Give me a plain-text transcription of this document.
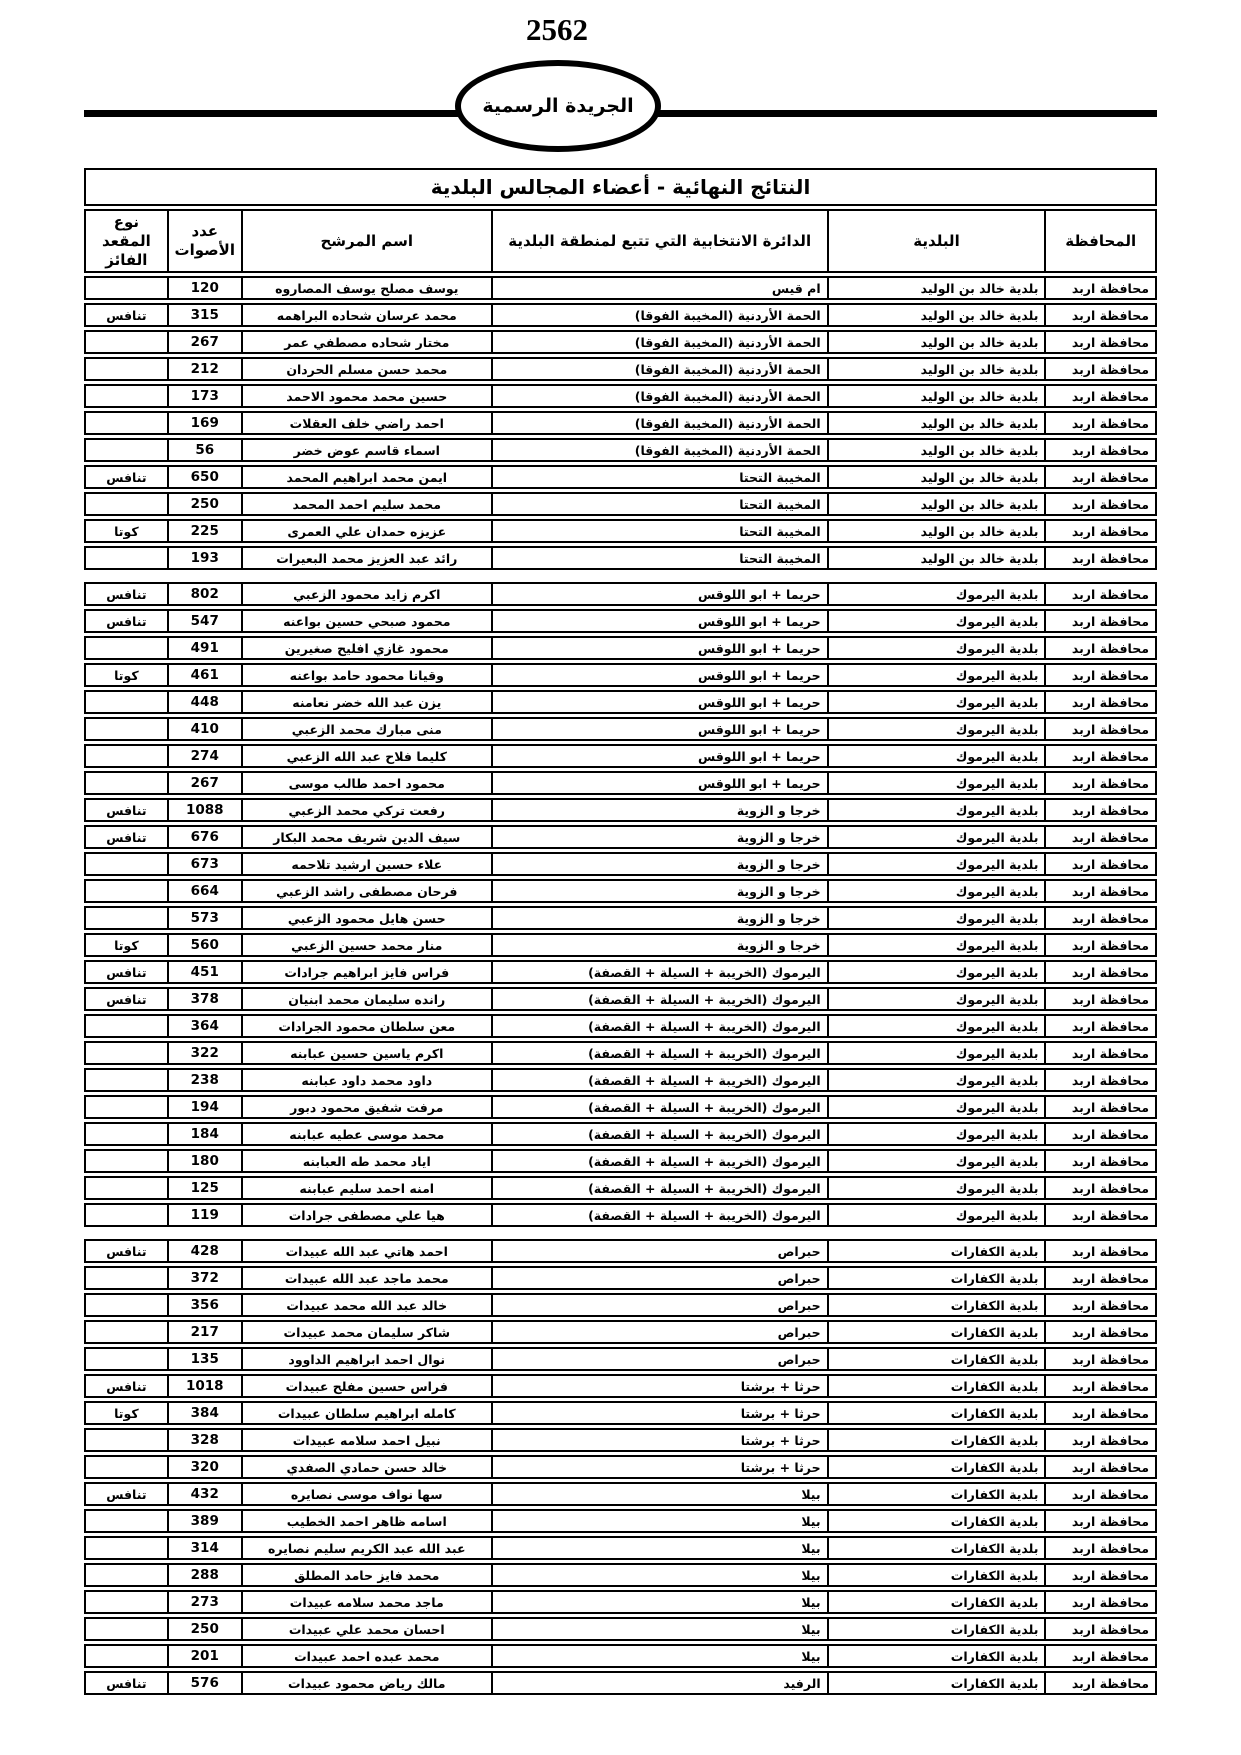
2562
الجريدة الرسمية
النتائج النهائية - أعضاء المجالس البلدية					
المحافظة	البلدية	الدائرة الانتخابية التي تتبع لمنطقة البلدية	اسم المرشح	عدد الأصوات	نوع المقعد الفائز
محافظة اربد	بلدية خالد بن الوليد	ام قيس	يوسف مصلح يوسف المصاروه	120	
محافظة اربد	بلدية خالد بن الوليد	الحمة الأردنية (المخيبة الفوقا)	محمد عرسان شحاده البراهمه	315	تنافس
محافظة اربد	بلدية خالد بن الوليد	الحمة الأردنية (المخيبة الفوقا)	مختار شحاده مصطفي عمر	267	
محافظة اربد	بلدية خالد بن الوليد	الحمة الأردنية (المخيبة الفوقا)	محمد حسن مسلم الحردان	212	
محافظة اربد	بلدية خالد بن الوليد	الحمة الأردنية (المخيبة الفوقا)	حسين محمد محمود الاحمد	173	
محافظة اربد	بلدية خالد بن الوليد	الحمة الأردنية (المخيبة الفوقا)	احمد راضي خلف العقلات	169	
محافظة اربد	بلدية خالد بن الوليد	الحمة الأردنية (المخيبة الفوقا)	اسماء قاسم عوض خضر	56	
محافظة اربد	بلدية خالد بن الوليد	المخيبة التحتا	ايمن محمد ابراهيم المحمد	650	تنافس
محافظة اربد	بلدية خالد بن الوليد	المخيبة التحتا	محمد سليم احمد المحمد	250	
محافظة اربد	بلدية خالد بن الوليد	المخيبة التحتا	عزيزه حمدان علي العمرى	225	كوتا
محافظة اربد	بلدية خالد بن الوليد	المخيبة التحتا	رائد عبد العزيز محمد البعيرات	193	

محافظة اربد	بلدية اليرموك	حريما + ابو اللوقس	اكرم زايد محمود الزعبي	802	تنافس
محافظة اربد	بلدية اليرموك	حريما + ابو اللوقس	محمود صبحي حسين بواعنه	547	تنافس
محافظة اربد	بلدية اليرموك	حريما + ابو اللوقس	محمود غازي افليح صغيرين	491	
محافظة اربد	بلدية اليرموك	حريما + ابو اللوقس	وقيانا محمود حامد بواعنه	461	كوتا
محافظة اربد	بلدية اليرموك	حريما + ابو اللوقس	يزن عبد الله خضر نعامنه	448	
محافظة اربد	بلدية اليرموك	حريما + ابو اللوقس	منى مبارك محمد الزعبي	410	
محافظة اربد	بلدية اليرموك	حريما + ابو اللوقس	كليما فلاح عبد الله الزعبي	274	
محافظة اربد	بلدية اليرموك	حريما + ابو اللوقس	محمود احمد طالب موسى	267	
محافظة اربد	بلدية اليرموك	خرجا و الزوية	رفعت تركي محمد الزعبي	1088	تنافس
محافظة اربد	بلدية اليرموك	خرجا و الزوية	سيف الدين شريف محمد البكار	676	تنافس
محافظة اربد	بلدية اليرموك	خرجا و الزوية	علاء حسين ارشيد تلاحمه	673	
محافظة اربد	بلدية اليرموك	خرجا و الزوية	فرحان مصطفى راشد الزعبي	664	
محافظة اربد	بلدية اليرموك	خرجا و الزوية	حسن هايل محمود الزعبي	573	
محافظة اربد	بلدية اليرموك	خرجا و الزوية	منار محمد حسين الزعبي	560	كوتا
محافظة اربد	بلدية اليرموك	اليرموك (الخريبة + السيلة + القصفة)	فراس فايز ابراهيم جرادات	451	تنافس
محافظة اربد	بلدية اليرموك	اليرموك (الخريبة + السيلة + القصفة)	رانده سليمان محمد ابنيان	378	تنافس
محافظة اربد	بلدية اليرموك	اليرموك (الخريبة + السيلة + القصفة)	معن سلطان محمود الجرادات	364	
محافظة اربد	بلدية اليرموك	اليرموك (الخريبة + السيلة + القصفة)	اكرم ياسين حسين عبابنه	322	
محافظة اربد	بلدية اليرموك	اليرموك (الخريبة + السيلة + القصفة)	داود محمد داود عبابنه	238	
محافظة اربد	بلدية اليرموك	اليرموك (الخريبة + السيلة + القصفة)	مرفت شفيق محمود دبور	194	
محافظة اربد	بلدية اليرموك	اليرموك (الخريبة + السيلة + القصفة)	محمد موسى عطيه عبابنه	184	
محافظة اربد	بلدية اليرموك	اليرموك (الخريبة + السيلة + القصفة)	اياد محمد طه العبابنه	180	
محافظة اربد	بلدية اليرموك	اليرموك (الخريبة + السيلة + القصفة)	امنه احمد سليم عبابنه	125	
محافظة اربد	بلدية اليرموك	اليرموك (الخريبة + السيلة + القصفة)	هيا علي مصطفى جرادات	119	

محافظة اربد	بلدية الكفارات	حبراص	احمد هاتي عبد الله عبيدات	428	تنافس
محافظة اربد	بلدية الكفارات	حبراص	محمد ماجد عبد الله عبيدات	372	
محافظة اربد	بلدية الكفارات	حبراص	خالد عبد الله محمد عبيدات	356	
محافظة اربد	بلدية الكفارات	حبراص	شاكر سليمان محمد عبيدات	217	
محافظة اربد	بلدية الكفارات	حبراص	نوال احمد ابراهيم الداوود	135	
محافظة اربد	بلدية الكفارات	حرثا + برشتا	فراس حسين مفلح عبيدات	1018	تنافس
محافظة اربد	بلدية الكفارات	حرثا + برشتا	كامله ابراهيم سلطان عبيدات	384	كوتا
محافظة اربد	بلدية الكفارات	حرثا + برشتا	نبيل احمد سلامه عبيدات	328	
محافظة اربد	بلدية الكفارات	حرثا + برشتا	خالد حسن حمادي الصفدي	320	
محافظة اربد	بلدية الكفارات	بيلا	سها نواف موسى نصايره	432	تنافس
محافظة اربد	بلدية الكفارات	بيلا	اسامه ظاهر احمد الخطيب	389	
محافظة اربد	بلدية الكفارات	بيلا	عبد الله عبد الكريم سليم نصايره	314	
محافظة اربد	بلدية الكفارات	بيلا	محمد فايز حامد المطلق	288	
محافظة اربد	بلدية الكفارات	بيلا	ماجد محمد سلامه عبيدات	273	
محافظة اربد	بلدية الكفارات	بيلا	احسان محمد علي عبيدات	250	
محافظة اربد	بلدية الكفارات	بيلا	محمد عبده احمد عبيدات	201	
محافظة اربد	بلدية الكفارات	الرفيد	مالك رياض محمود عبيدات	576	تنافس
